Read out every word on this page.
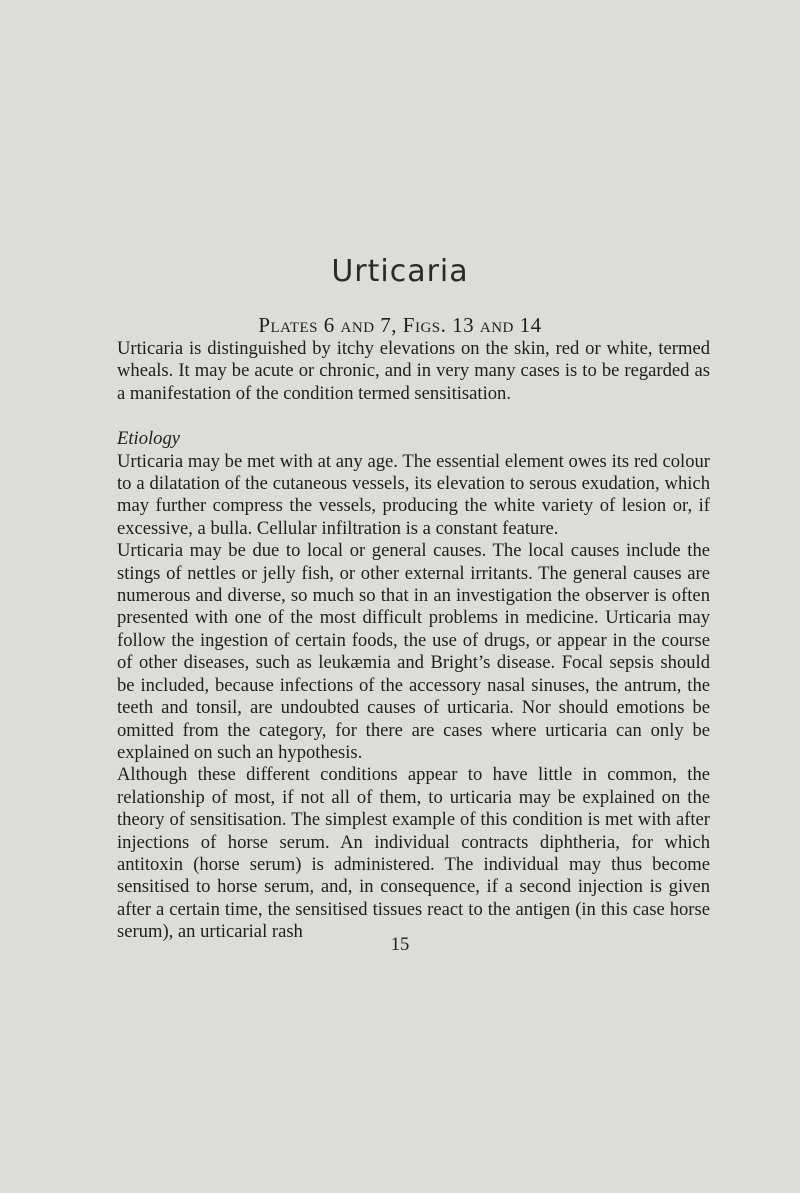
Urticaria
Plates 6 and 7, Figs. 13 and 14

Urticaria is distinguished by itchy elevations on the skin, red or white, termed wheals. It may be acute or chronic, and in very many cases is to be regarded as a manifestation of the condition termed sensitisation.

Etiology

Urticaria may be met with at any age. The essential element owes its red colour to a dilatation of the cutaneous vessels, its elevation to serous exudation, which may further compress the vessels, producing the white variety of lesion or, if excessive, a bulla. Cellular infiltration is a constant feature.

Urticaria may be due to local or general causes. The local causes include the stings of nettles or jelly fish, or other external irritants. The general causes are numerous and diverse, so much so that in an investigation the observer is often presented with one of the most difficult problems in medicine. Urticaria may follow the ingestion of certain foods, the use of drugs, or appear in the course of other diseases, such as leukæmia and Bright’s disease. Focal sepsis should be included, because infections of the accessory nasal sinuses, the antrum, the teeth and tonsil, are undoubted causes of urticaria. Nor should emotions be omitted from the category, for there are cases where urticaria can only be explained on such an hypothesis.

Although these different conditions appear to have little in common, the relationship of most, if not all of them, to urticaria may be explained on the theory of sensitisation. The simplest example of this condition is met with after injections of horse serum. An individual contracts diphtheria, for which antitoxin (horse serum) is administered. The individual may thus become sensitised to horse serum, and, in consequence, if a second injection is given after a certain time, the sensitised tissues react to the antigen (in this case horse serum), an urticarial rash

15
